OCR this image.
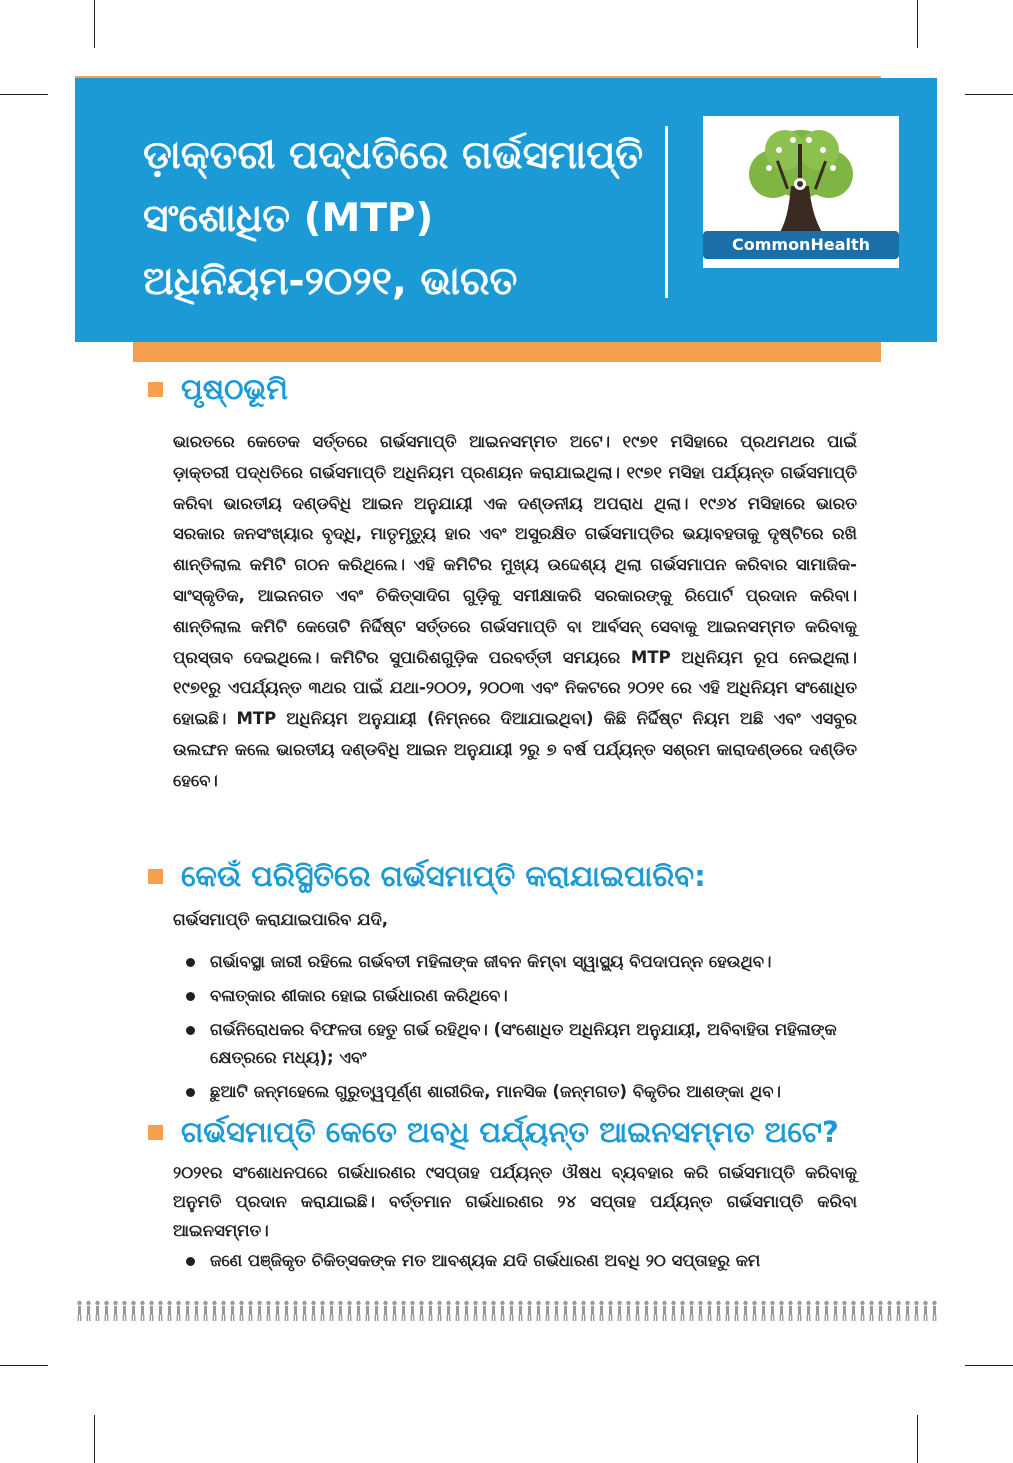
ଡ଼ାକ୍ତରୀ ପଦ୍ଧତିରେ ଗର୍ଭସମାପ୍ତି
ସଂଶୋଧିତ (MTP)
ଅଧିନିୟମ-୨୦୨୧, ଭାରତ
CommonHealth
ପୃଷ୍ଠଭୂମି
ଭାରତରେ କେତେକ ସର୍ତ୍ତରେ ଗର୍ଭସମାପ୍ତି ଆଇନସମ୍ମତ ଅଟେ। ୧୯୭୧ ମସିହାରେ ପ୍ରଥମଥର ପାଇଁ ଡ଼ାକ୍ତରୀ ପଦ୍ଧତିରେ ଗର୍ଭସମାପ୍ତି ଅଧିନିୟମ ପ୍ରଣୟନ କରାଯାଇଥିଲା। ୧୯୭୧ ମସିହା ପର୍ଯ୍ୟନ୍ତ ଗର୍ଭସମାପ୍ତି କରିବା ଭାରତୀୟ ଦଣ୍ଡବିଧି ଆଇନ ଅନୁଯାୟୀ ଏକ ଦଣ୍ଡନୀୟ ଅପରାଧ ଥିଲା। ୧୯୬୪ ମସିହାରେ ଭାରତ ସରକାର ଜନସଂଖ୍ୟାର ବୃଦ୍ଧି, ମାତୃମୃତ୍ୟୁ ହାର ଏବଂ ଅସୁରକ୍ଷିତ ଗର୍ଭସମାପ୍ତିର ଭୟାବହତାକୁ ଦୃଷ୍ଟିରେ ରଖି ଶାନ୍ତିଲାଲ କମିଟି ଗଠନ କରିଥିଲେ। ଏହି କମିଟିର ମୁଖ୍ୟ ଉଦ୍ଦେଶ୍ୟ ଥିଲା ଗର୍ଭସମାପନ କରିବାର ସାମାଜିକ-ସାଂସ୍କୃତିକ, ଆଇନଗତ ଏବଂ ଚିକିତ୍ସାଦିଗ ଗୁଡ଼ିକୁ ସମୀକ୍ଷାକରି ସରକାରଙ୍କୁ ରିପୋର୍ଟ ପ୍ରଦାନ କରିବା। ଶାନ୍ତିଲାଲ କମିଟି କେତୋଟି ନିର୍ଦ୍ଦିଷ୍ଟ ସର୍ତ୍ତରେ ଗର୍ଭସମାପ୍ତି ବା ଆର୍ବସନ୍ ସେବାକୁ ଆଇନସମ୍ମତ କରିବାକୁ ପ୍ରସ୍ତାବ ଦେଇଥିଲେ। କମିଟିର ସୁପାରିଶଗୁଡ଼ିକ ପରବର୍ତ୍ତୀ ସମୟରେ MTP ଅଧିନିୟମ ରୂପ ନେଇଥିଲା। ୧୯୭୧ରୁ ଏପର୍ଯ୍ୟନ୍ତ ୩ଥର ପାଇଁ ଯଥା-୨୦୦୨, ୨୦୦୩ ଏବଂ ନିକଟରେ ୨୦୨୧ ରେ ଏହି ଅଧିନିୟମ ସଂଶୋଧିତ ହୋଇଛି। MTP ଅଧିନିୟମ ଅନୁଯାୟୀ (ନିମ୍ନରେ ଦିଆଯାଇଥିବା) କିଛି ନିର୍ଦ୍ଦିଷ୍ଟ ନିୟମ ଅଛି ଏବଂ ଏସବୁର ଉଲଙ୍ଘନ କଲେ ଭାରତୀୟ ଦଣ୍ଡବିଧି ଆଇନ ଅନୁଯାୟୀ ୨ରୁ ୭ ବର୍ଷ ପର୍ଯ୍ୟନ୍ତ ସଶ୍ରମ କାରାଦଣ୍ଡରେ ଦଣ୍ଡିତ ହେବେ।
କେଉଁ ପରିସ୍ଥିତିରେ ଗର୍ଭସମାପ୍ତି କରାଯାଇପାରିବ:
ଗର୍ଭସମାପ୍ତି କରାଯାଇପାରିବ ଯଦି,
ଗର୍ଭାବସ୍ଥା ଜାରୀ ରହିଲେ ଗର୍ଭବତୀ ମହିଳାଙ୍କ ଜୀବନ କିମ୍ବା ସ୍ୱାସ୍ଥ୍ୟ ବିପଦାପନ୍ନ ହେଉଥିବ।
ବଳାତ୍କାର ଶୀକାର ହୋଇ ଗର୍ଭଧାରଣ କରିଥିବେ।
ଗର୍ଭନିରୋଧକର ବିଫଳତା ହେତୁ ଗର୍ଭ ରହିଥିବ। (ସଂଶୋଧିତ ଅଧିନିୟମ ଅନୁଯାୟୀ, ଅବିବାହିତା ମହିଳାଙ୍କ କ୍ଷେତ୍ରରେ ମଧ୍ୟ); ଏବଂ
ଛୁଆଟି ଜନ୍ମହେଲେ ଗୁରୁତ୍ୱପୂର୍ଣ୍ଣ ଶାରୀରିକ, ମାନସିକ (ଜନ୍ମଗତ) ବିକୃତିର ଆଶଙ୍କା ଥିବ।
ଗର୍ଭସମାପ୍ତି କେତେ ଅବଧି ପର୍ଯ୍ୟନ୍ତ ଆଇନସମ୍ମତ ଅଟେ?
୨୦୨୧ର ସଂଶୋଧନପରେ ଗର୍ଭଧାରଣର ୯ସପ୍ତାହ ପର୍ଯ୍ୟନ୍ତ ଔଷଧ ବ୍ୟବହାର କରି ଗର୍ଭସମାପ୍ତି କରିବାକୁ ଅନୁମତି ପ୍ରଦାନ କରାଯାଇଛି। ବର୍ତ୍ତମାନ ଗର୍ଭଧାରଣର ୨୪ ସପ୍ତାହ ପର୍ଯ୍ୟନ୍ତ ଗର୍ଭସମାପ୍ତି କରିବା ଆଇନସମ୍ମତ।
ଜଣେ ପଞ୍ଜିକୃତ ଚିକିତ୍ସକଙ୍କ ମତ ଆବଶ୍ୟକ ଯଦି ଗର୍ଭଧାରଣ ଅବଧି ୨୦ ସପ୍ତାହରୁ କମ
